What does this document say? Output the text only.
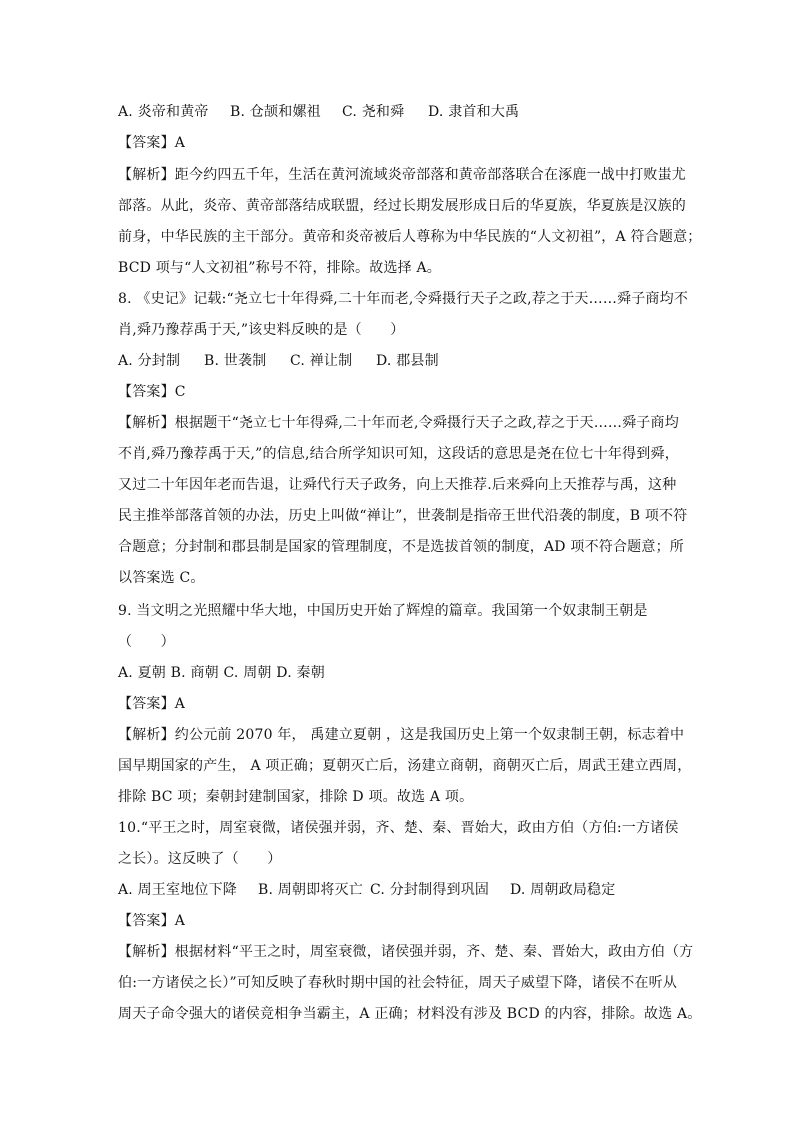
A. 炎帝和黄帝 B. 仓颉和嫘祖 C. 尧和舜 D. 隶首和大禹
【答案】A
【解析】距今约四五千年，生活在黄河流域炎帝部落和黄帝部落联合在涿鹿一战中打败蚩尤
部落。从此，炎帝、黄帝部落结成联盟，经过长期发展形成日后的华夏族，华夏族是汉族的
前身，中华民族的主干部分。黄帝和炎帝被后人尊称为中华民族的“人文初祖”，A 符合题意；
BCD 项与“人文初祖”称号不符，排除。故选择 A。
8. 《史记》记载:“尧立七十年得舜,二十年而老,令舜摄行天子之政,荐之于天……舜子商均不
肖,舜乃豫荐禹于天,”该史料反映的是（　　）
A. 分封制 B. 世袭制 C. 禅让制 D. 郡县制
【答案】C
【解析】根据题干“尧立七十年得舜,二十年而老,令舜摄行天子之政,荐之于天……舜子商均
不肖,舜乃豫荐禹于天,”的信息,结合所学知识可知，这段话的意思是尧在位七十年得到舜，
又过二十年因年老而告退，让舜代行天子政务，向上天推荐.后来舜向上天推荐与禹，这种
民主推举部落首领的办法，历史上叫做“禅让”，世袭制是指帝王世代沿袭的制度，B 项不符
合题意；分封制和郡县制是国家的管理制度，不是选拔首领的制度，AD 项不符合题意；所
以答案选 C。
9. 当文明之光照耀中华大地，中国历史开始了辉煌的篇章。我国第一个奴隶制王朝是
（　　）
A. 夏朝 B. 商朝 C. 周朝 D. 秦朝
【答案】A
【解析】约公元前 2070 年， 禹建立夏朝 ，这是我国历史上第一个奴隶制王朝，标志着中
国早期国家的产生， A 项正确；夏朝灭亡后，汤建立商朝，商朝灭亡后，周武王建立西周，
排除 BC 项；秦朝封建制国家，排除 D 项。故选 A 项。
10.“平王之时，周室衰微，诸侯强并弱，齐、楚、秦、晋始大，政由方伯（方伯:一方诸侯
之长）。这反映了（　　）
A. 周王室地位下降 B. 周朝即将灭亡 C. 分封制得到巩固 D. 周朝政局稳定
【答案】A
【解析】根据材料“平王之时，周室衰微，诸侯强并弱，齐、楚、秦、晋始大，政由方伯（方
伯:一方诸侯之长）”可知反映了春秋时期中国的社会特征，周天子威望下降，诸侯不在听从
周天子命令强大的诸侯竞相争当霸主，A 正确；材料没有涉及 BCD 的内容，排除。故选 A。
